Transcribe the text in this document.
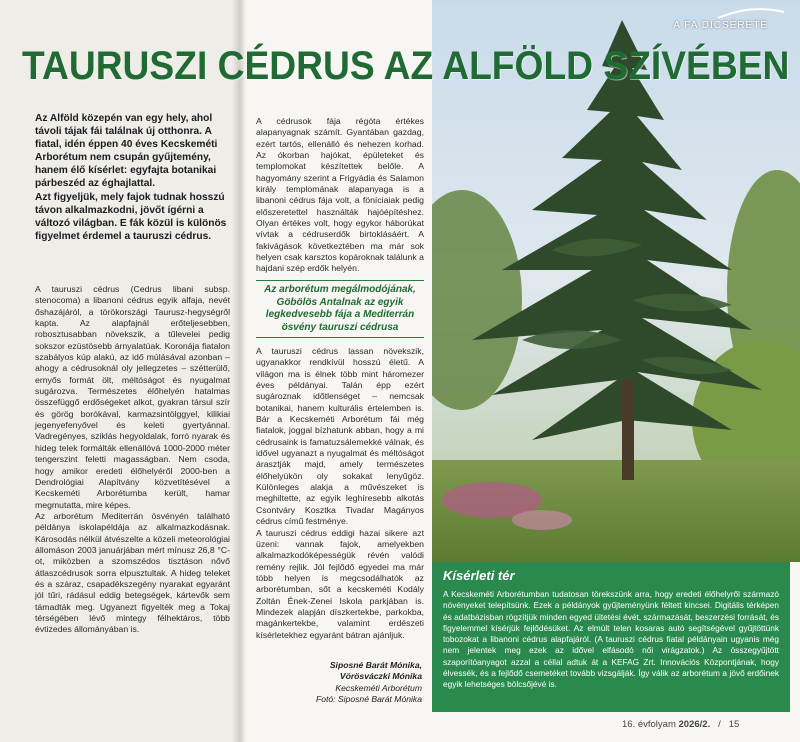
A FA DÍCSÉRETE
TAURUSZI CÉDRUS AZ ALFÖLD SZÍVÉBEN

Az Alföld közepén van egy hely, ahol távoli tájak fái találnak új otthonra. A fiatal, idén éppen 40 éves Kecskeméti Arborétum nem csupán gyűjtemény, hanem élő kísérlet: egyfajta botanikai párbeszéd az éghajlattal.

Azt figyeljük, mely fajok tudnak hosszú távon alkalmazkodni, jövőt ígérni a változó világban. E fák közül is különös figyelmet érdemel a tauruszi cédrus.

A tauruszi cédrus (Cedrus libani subsp. stenocoma) a libanoni cédrus egyik alfaja, nevét őshazájáról, a törökországi Taurusz-hegységről kapta. Az alapfajnál erőteljesebben, robosztusabban növekszik, a tűlevelei pedig sokszor ezüstösebb árnyalatúak. Koronája fiatalon szabályos kúp alakú, az idő múlásával azonban – ahogy a cédrusoknál oly jellegzetes – szétterülő, ernyős formát ölt, méltóságot és nyugalmat sugározva. Természetes élőhelyén hatalmas összefüggő erdőségeket alkot, gyakran társul szír és görög borókával, karmazsintölggyel, kilikiai jegenyefenyővel és keleti gyertyánnal. Vadregényes, sziklás hegyoldalak, forró nyarak és hideg telek formálták ellenállóvá 1000-2000 méter tengerszint feletti magasságban. Nem csoda, hogy amikor eredeti élőhelyéről 2000-ben a Dendrológiai Alapítvány közvetítésével a Kecskeméti Arborétumba került, hamar megmutatta, mire képes.

Az arborétum Mediterrán ösvényén található példánya iskolapéldája az alkalmazkodásnak. Károsodás nélkül átvészelte a közeli meteorológiai állomáson 2003 januárjában mért mínusz 26,8 °C-ot, miközben a szomszédos tisztáson nővő átlaszcédrusok sorra elpusztultak. A hideg teleket és a száraz, csapadékszegény nyarakat egyaránt jól tűri, rádásul eddig betegségek, kártevők sem támadták meg. Ugyanezt figyelték meg a Tokaj térségében lévő mintegy félhektáros, több évtizedes állományában is.

A cédrusok fája régóta értékes alapanyagnak számít. Gyantában gazdag, ezért tartós, ellenálló és nehezen korhad. Az ókorban hajókat, épületeket és templomokat készítettek belőle. A hagyomány szerint a Frigyádia és Salamon király templomának alapanyaga is a libanoni cédrus fája volt, a föníciaiak pedig előszeretettel használták hajóépítéshez. Olyan értékes volt, hogy egykor háborúkat vívtak a cédruserdők birtoklásáért. A fakivágások következtében ma már sok helyen csak karsztos kopároknak találunk a hajdani szép erdők helyén.

Az arborétum megálmodójának, Göbölös Antalnak az egyik legkedvesebb fája a Mediterrán ösvény tauruszi cédrusa

A tauruszi cédrus lassan növekszik, ugyanakkor rendkívül hosszú életű. A világon ma is élnek több mint háromezer éves példányai. Talán épp ezért sugároznak időtlenséget – nemcsak botanikai, hanem kulturális értelemben is. Bár a Kecskeméti Arborétum fái még fiatalok, joggal bízhatunk abban, hogy a mi cédrusaink is famatuzsálemekké válnak, és idővel ugyanazt a nyugalmat és méltóságot árasztják majd, amely természetes élőhelyükön oly sokakat lenyűgöz. Különleges alakja a művészeket is meghiltette, az egyik leghíresebb alkotás Csontváry Kosztka Tivadar Magányos cédrus című festménye.

A tauruszi cédrus eddigi hazai sikere azt üzeni: vannak fajok, amelyekben alkalmazkodóképességük révén valódi remény rejlik. Jól fejlődő egyedei ma már több helyen is megcsodálhatók az arborétumban, sőt a kecskeméti Kodály Zoltán Ének-Zenei Iskola parkjában is. Mindezek alapján díszkertekbe, parkokba, magánkertekbe, valamint erdészeti kísérletekhez egyaránt bátran ajánljuk.

Siposné Barát Mónika,
Vörösváczki Mónika
Kecskeméti Arborétum
Fotó: Siposné Barát Mónika
Kísérleti tér

A Kecskeméti Arborétumban tudatosan törekszünk arra, hogy eredeti élőhelyről származó növényeket telepítsünk. Ezek a példányok gyűjteményünk féltett kincsei. Digitális térképen és adatbázisban rögzítjük minden egyed ültetési évét, származását, beszerzési forrását, és figyelemmel kísérjük fejlődésüket. Az elmúlt telen kosaras autó segítségével gyűjtöttünk tobozokat a libanoni cédrus alapfajáról. (A tauruszi cédrus fiatal példányain ugyanis még nem jelentek meg ezek az idővel elfásodó női virágzatok.) Az összegyűjtött szaporítóanyagot azzal a céllal adtuk át a KEFAG Zrt. Innovációs Központjának, hogy élvessék, és a fejlődő csemetéket tovább vizsgálják. Így válik az arborétum a jövő erdőinek egyik lehetséges bölcsőjévé is.

16. évfolyam 2026/2. / 15
